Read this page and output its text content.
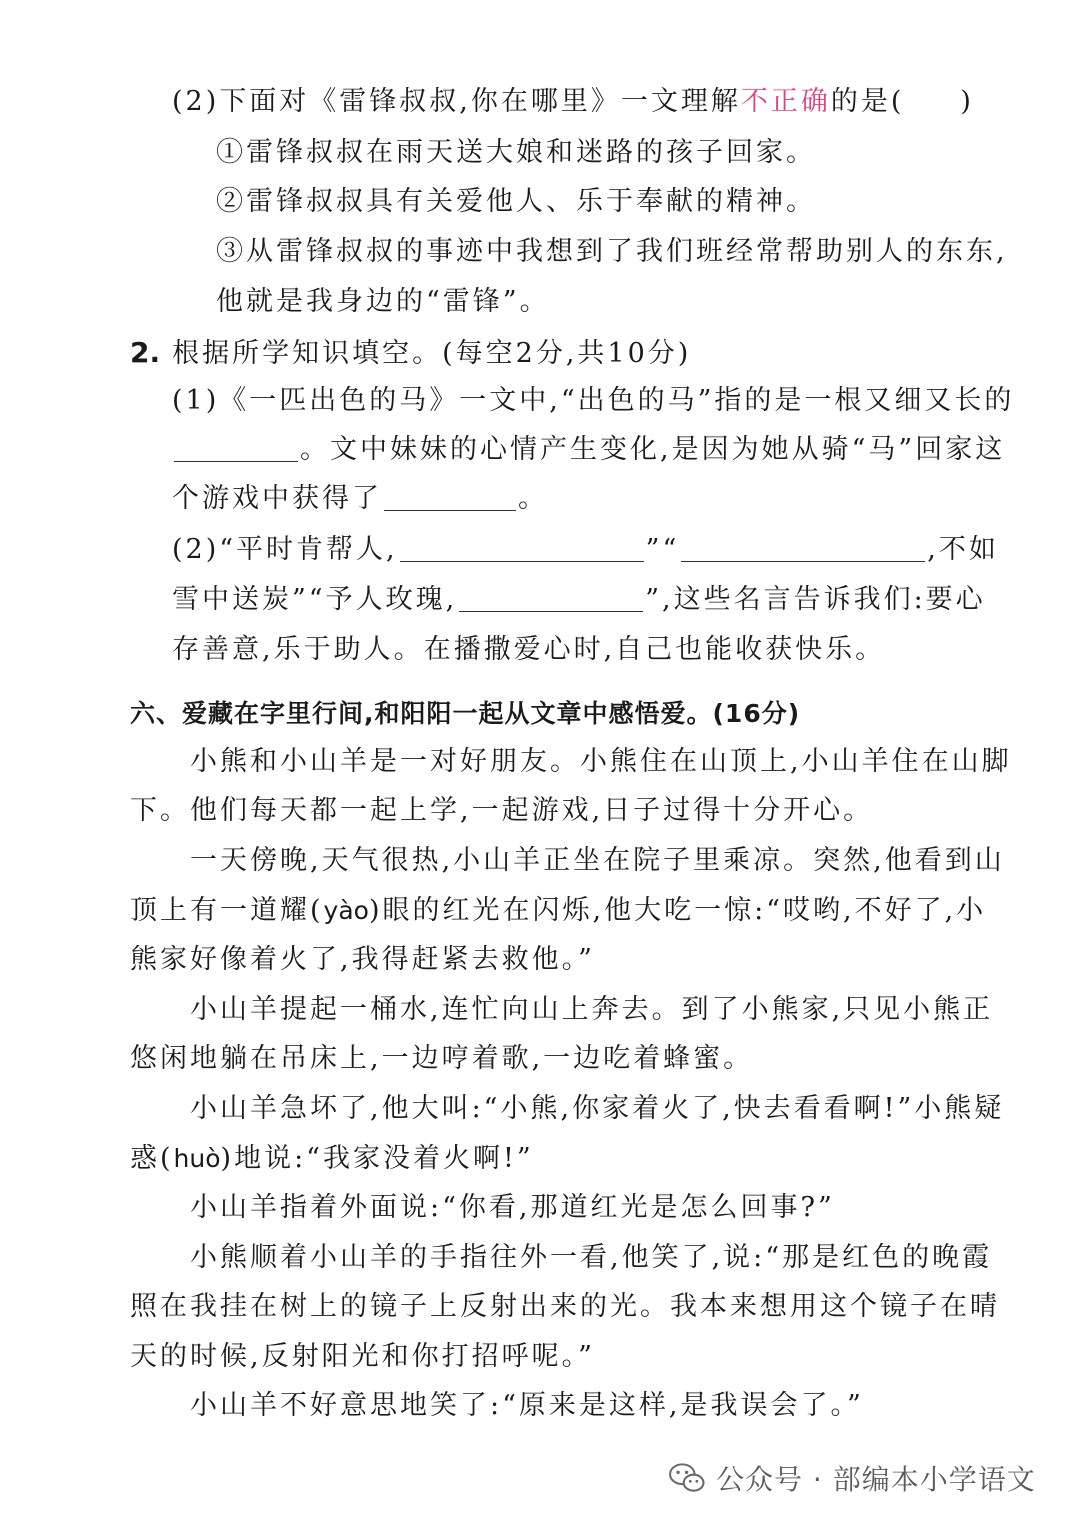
(2)下面对《雷锋叔叔,你在哪里》一文理解不正确的是( )
①雷锋叔叔在雨天送大娘和迷路的孩子回家。
②雷锋叔叔具有关爱他人、乐于奉献的精神。
③从雷锋叔叔的事迹中我想到了我们班经常帮助别人的东东,
他就是我身边的“雷锋”。
2. 根据所学知识填空。(每空2分,共10分)
(1)《一匹出色的马》一文中,“出色的马”指的是一根又细又长的
。文中妹妹的心情产生变化,是因为她从骑“马”回家这
个游戏中获得了	。
(2)“平时肯帮人,	”“	,不如
雪中送炭”“予人玫瑰,	”,这些名言告诉我们:要心
存善意,乐于助人。在播撒爱心时,自己也能收获快乐。
六、爱藏在字里行间,和阳阳一起从文章中感悟爱。(16分)
小熊和小山羊是一对好朋友。小熊住在山顶上,小山羊住在山脚
下。他们每天都一起上学,一起游戏,日子过得十分开心。
一天傍晚,天气很热,小山羊正坐在院子里乘凉。突然,他看到山
顶上有一道耀(yào)眼的红光在闪烁,他大吃一惊:“哎哟,不好了,小
熊家好像着火了,我得赶紧去救他。”
小山羊提起一桶水,连忙向山上奔去。到了小熊家,只见小熊正
悠闲地躺在吊床上,一边哼着歌,一边吃着蜂蜜。
小山羊急坏了,他大叫:“小熊,你家着火了,快去看看啊!”小熊疑
惑(huò)地说:“我家没着火啊!”
小山羊指着外面说:“你看,那道红光是怎么回事?”
小熊顺着小山羊的手指往外一看,他笑了,说:“那是红色的晚霞
照在我挂在树上的镜子上反射出来的光。我本来想用这个镜子在晴
天的时候,反射阳光和你打招呼呢。”
小山羊不好意思地笑了:“原来是这样,是我误会了。”
公众号 · 部编本小学语文
